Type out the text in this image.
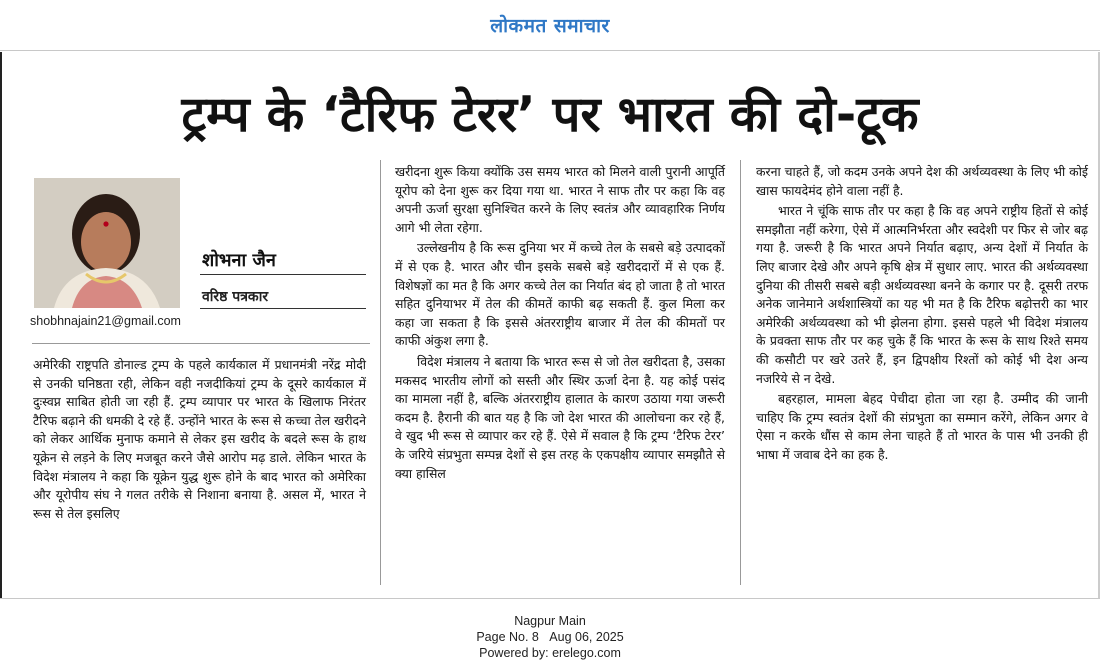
लोकमत समाचार
ट्रम्प के ‘टैरिफ टेरर’ पर भारत की दो-टूक
शोभना जैन
वरिष्ठ पत्रकार
shobhnajain21@gmail.com

अमेरिकी राष्ट्रपति डोनाल्ड ट्रम्प के पहले कार्यकाल में प्रधानमंत्री नरेंद्र मोदी से उनकी घनिष्ठता रही, लेकिन वही नजदीकियां ट्रम्प के दूसरे कार्यकाल में दुःस्वप्न साबित होती जा रही हैं. ट्रम्प व्यापार पर भारत के खिलाफ निरंतर टैरिफ बढ़ाने की धमकी दे रहे हैं. उन्होंने भारत के रूस से कच्चा तेल खरीदने को लेकर आर्थिक मुनाफ कमाने से लेकर इस खरीद के बदले रूस के हाथ यूक्रेन से लड़ने के लिए मजबूत करने जैसे आरोप मढ़ डाले. लेकिन भारत के विदेश मंत्रालय ने कहा कि यूक्रेन युद्ध शुरू होने के बाद भारत को अमेरिका और यूरोपीय संघ ने गलत तरीके से निशाना बनाया है. असल में, भारत ने रूस से तेल इसलिए

खरीदना शुरू किया क्योंकि उस समय भारत को मिलने वाली पुरानी आपूर्ति यूरोप को देना शुरू कर दिया गया था. भारत ने साफ तौर पर कहा कि वह अपनी ऊर्जा सुरक्षा सुनिश्चित करने के लिए स्वतंत्र और व्यावहारिक निर्णय आगे भी लेता रहेगा.

उल्लेखनीय है कि रूस दुनिया भर में कच्चे तेल के सबसे बड़े उत्पादकों में से एक है. भारत और चीन इसके सबसे बड़े खरीददारों में से एक हैं. विशेषज्ञों का मत है कि अगर कच्चे तेल का निर्यात बंद हो जाता है तो भारत सहित दुनियाभर में तेल की कीमतें काफी बढ़ सकती हैं. कुल मिला कर कहा जा सकता है कि इससे अंतरराष्ट्रीय बाजार में तेल की कीमतों पर काफी अंकुश लगा है.

विदेश मंत्रालय ने बताया कि भारत रूस से जो तेल खरीदता है, उसका मकसद भारतीय लोगों को सस्ती और स्थिर ऊर्जा देना है. यह कोई पसंद का मामला नहीं है, बल्कि अंतरराष्ट्रीय हालात के कारण उठाया गया जरूरी कदम है. हैरानी की बात यह है कि जो देश भारत की आलोचना कर रहे हैं, वे खुद भी रूस से व्यापार कर रहे हैं. ऐसे में सवाल है कि ट्रम्प ‘टैरिफ टेरर’ के जरिये संप्रभुता सम्पन्न देशों से इस तरह के एकपक्षीय व्यापार समझौते से क्या हासिल

करना चाहते हैं, जो कदम उनके अपने देश की अर्थव्यवस्था के लिए भी कोई खास फायदेमंद होने वाला नहीं है.

भारत ने चूंकि साफ तौर पर कहा है कि वह अपने राष्ट्रीय हितों से कोई समझौता नहीं करेगा, ऐसे में आत्मनिर्भरता और स्वदेशी पर फिर से जोर बढ़ गया है. जरूरी है कि भारत अपने निर्यात बढ़ाए, अन्य देशों में निर्यात के लिए बाजार देखे और अपने कृषि क्षेत्र में सुधार लाए. भारत की अर्थव्यवस्था दुनिया की तीसरी सबसे बड़ी अर्थव्यवस्था बनने के कगार पर है. दूसरी तरफ अनेक जानेमाने अर्थशास्त्रियों का यह भी मत है कि टैरिफ बढ़ोत्तरी का भार अमेरिकी अर्थव्यवस्था को भी झेलना होगा. इससे पहले भी विदेश मंत्रालय के प्रवक्ता साफ तौर पर कह चुके हैं कि भारत के रूस के साथ रिश्ते समय की कसौटी पर खरे उतरे हैं, इन द्विपक्षीय रिश्तों को कोई भी देश अन्य नजरिये से न देखे.

बहरहाल, मामला बेहद पेचीदा होता जा रहा है. उम्मीद की जानी चाहिए कि ट्रम्प स्वतंत्र देशों की संप्रभुता का सम्मान करेंगे, लेकिन अगर वे ऐसा न करके धौंस से काम लेना चाहते हैं तो भारत के पास भी उनकी ही भाषा में जवाब देने का हक है.

Nagpur Main
Page No. 8 Aug 06, 2025
Powered by: erelego.com
